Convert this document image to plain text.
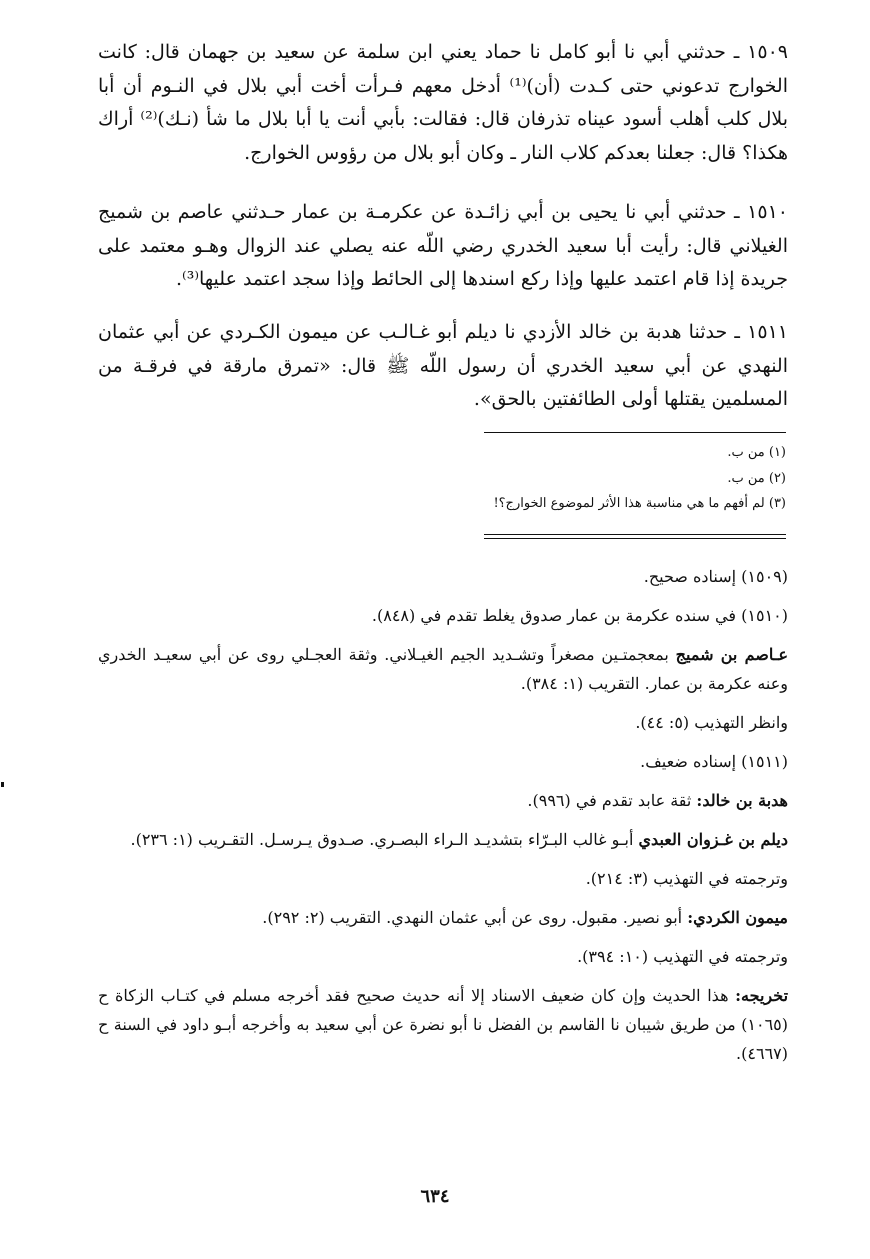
١٥٠٩ ـ حدثني أبي نا أبو كامل نا حماد يعني ابن سلمة عن سعيد بن جهمان قال: كانت الخوارج تدعوني حتى كـدت (أن)⁽¹⁾ أدخل معهم فـرأت أخت أبي بلال في النـوم أن أبا بلال كلب أهلب أسود عيناه تذرفان قال: فقالت: بأبي أنت يا أبا بلال ما شأ (نـك)⁽²⁾ أراك هكذا؟ قال: جعلنا بعدكم كلاب النار ـ وكان أبو بلال من رؤوس الخوارج.

١٥١٠ ـ حدثني أبي نا يحيى بن أبي زائـدة عن عكرمـة بن عمار حـدثني عاصم بن شميج الغيلاني قال: رأيت أبا سعيد الخدري رضي اللّه عنه يصلي عند الزوال وهـو معتمد على جريدة إذا قام اعتمد عليها وإذا ركع اسندها إلى الحائط وإذا سجد اعتمد عليها⁽³⁾.

١٥١١ ـ حدثنا هدبة بن خالد الأزدي نا ديلم أبو غـالـب عن ميمون الكـردي عن أبي عثمان النهدي عن أبي سعيد الخدري أن رسول اللّه ﷺ قال: «تمرق مارقة في فرقـة من المسلمين يقتلها أولى الطائفتين بالحق».

(١) من ب.
(٢) من ب.
(٣) لم أفهم ما هي مناسبة هذا الأثر لموضوع الخوارج؟!

(١٥٠٩) إسناده صحيح.

(١٥١٠) في سنده عكرمة بن عمار صدوق يغلط تقدم في (٨٤٨).

عـاصم بن شميج بمعجمتـين مصغراً وتشـديد الجيم الغيـلاني. وثقة العجـلي روى عن أبي سعيـد الخدري وعنه عكرمة بن عمار. التقريب (١: ٣٨٤).

وانظر التهذيب (٥: ٤٤).

(١٥١١) إسناده ضعيف.

هدبة بن خالد: ثقة عابد تقدم في (٩٩٦).

ديلم بن غـزوان العبدي أبـو غالب البـرّاء بتشديـد الـراء البصـري. صـدوق يـرسـل. التقـريب (١: ٢٣٦).

وترجمته في التهذيب (٣: ٢١٤).

ميمون الكردي: أبو نصير. مقبول. روى عن أبي عثمان النهدي. التقريب (٢: ٢٩٢).

وترجمته في التهذيب (١٠: ٣٩٤).

تخريجه: هذا الحديث وإن كان ضعيف الاسناد إلا أنه حديث صحيح فقد أخرجه مسلم في كتـاب الزكاة ح (١٠٦٥) من طريق شيبان نا القاسم بن الفضل نا أبو نضرة عن أبي سعيد به وأخرجه أبـو داود في السنة ح (٤٦٦٧).

٦٣٤
